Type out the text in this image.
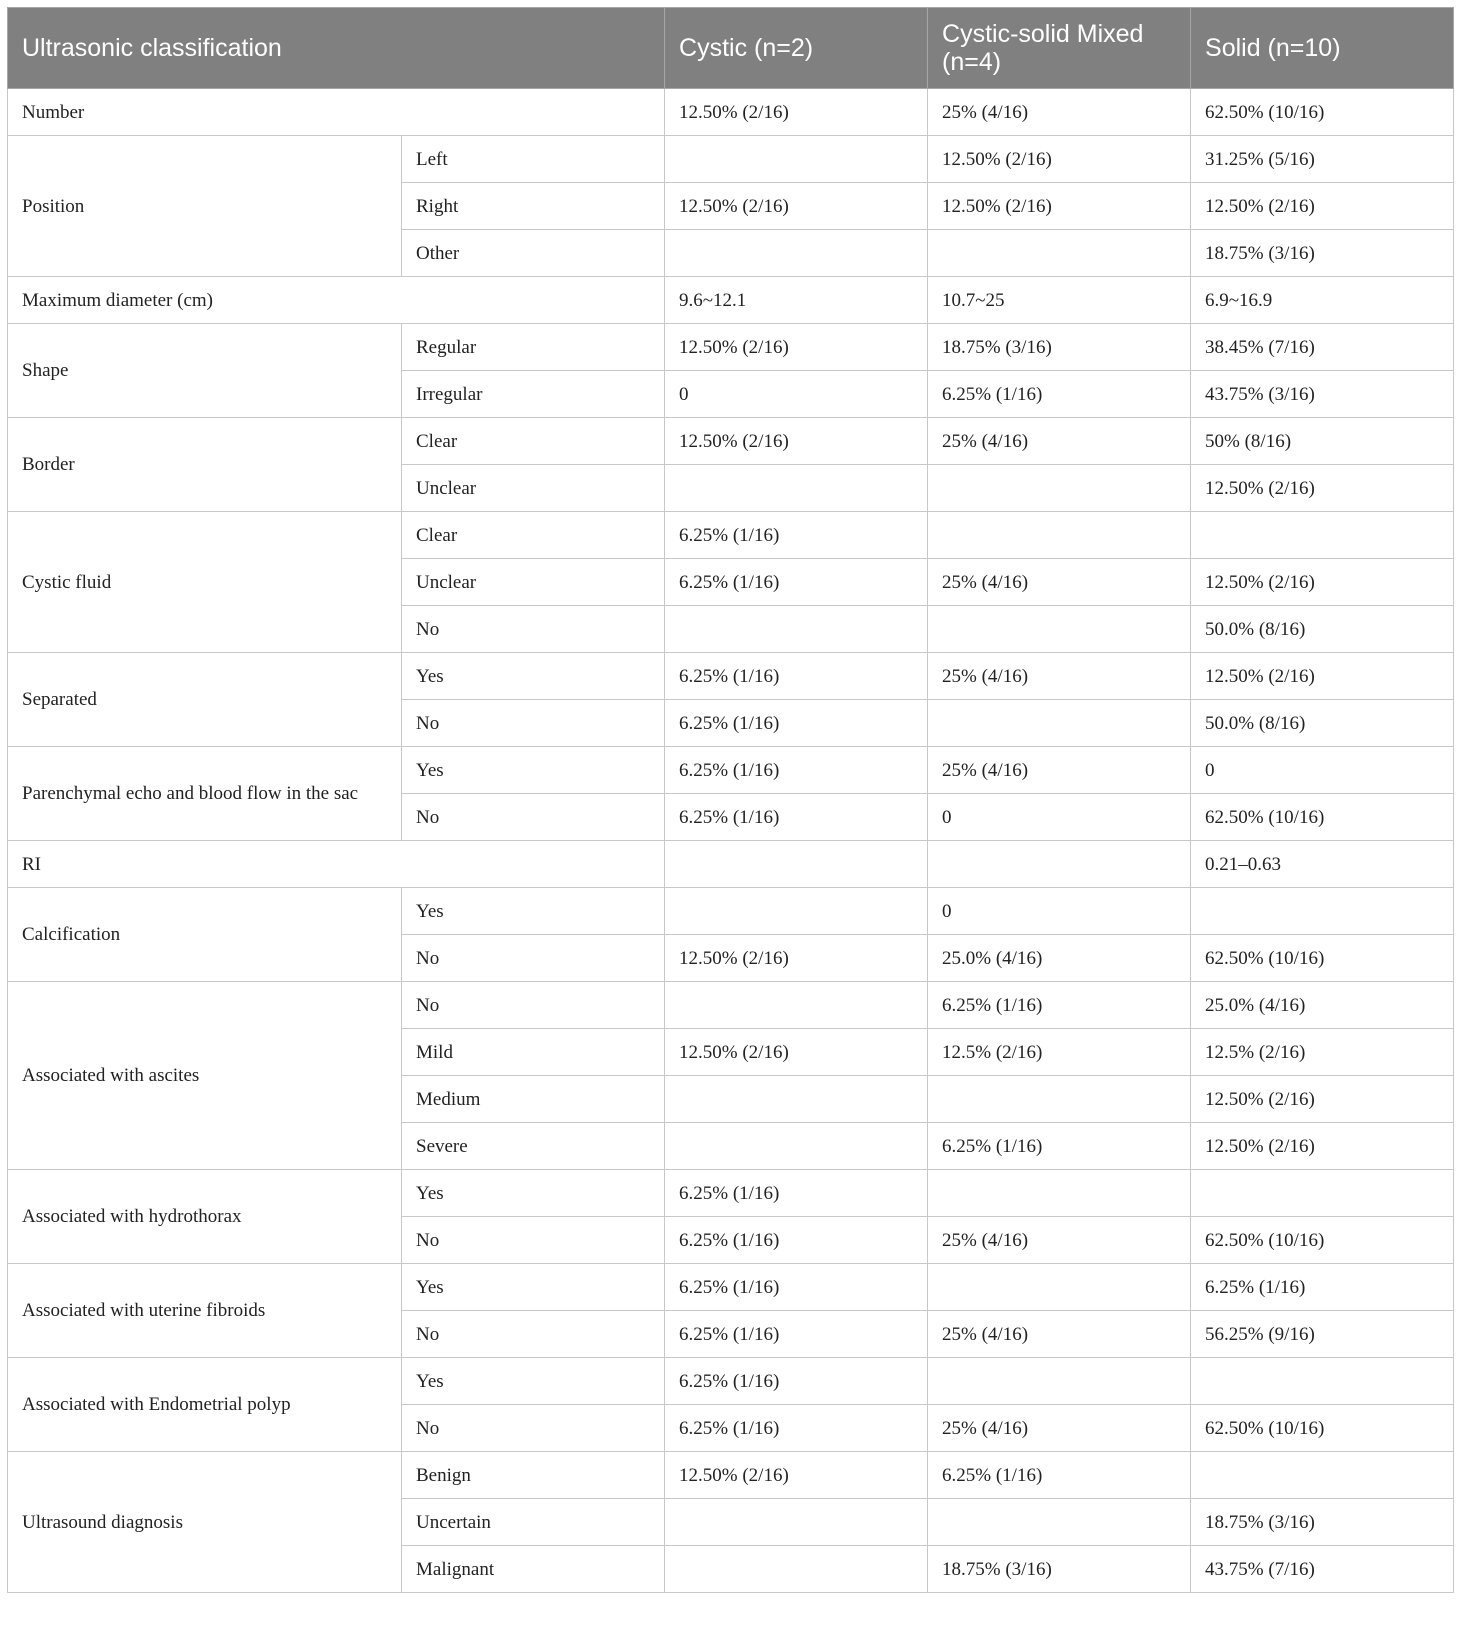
Ultrasonic classification		Cystic (n=2)	Cystic-solid Mixed (n=4)	Solid (n=10)
Number		12.50% (2/16)	25% (4/16)	62.50% (10/16)
Position	Left		12.50% (2/16)	31.25% (5/16)
	Right	12.50% (2/16)	12.50% (2/16)	12.50% (2/16)
	Other			18.75% (3/16)
Maximum diameter (cm)		9.6~12.1	10.7~25	6.9~16.9
Shape	Regular	12.50% (2/16)	18.75% (3/16)	38.45% (7/16)
	Irregular	0	6.25% (1/16)	43.75% (3/16)
Border	Clear	12.50% (2/16)	25% (4/16)	50% (8/16)
	Unclear			12.50% (2/16)
Cystic fluid	Clear	6.25% (1/16)		
	Unclear	6.25% (1/16)	25% (4/16)	12.50% (2/16)
	No			50.0% (8/16)
Separated	Yes	6.25% (1/16)	25% (4/16)	12.50% (2/16)
	No	6.25% (1/16)		50.0% (8/16)
Parenchymal echo and blood flow in the sac	Yes	6.25% (1/16)	25% (4/16)	0
	No	6.25% (1/16)	0	62.50% (10/16)
RI				0.21–0.63
Calcification	Yes		0	
	No	12.50% (2/16)	25.0% (4/16)	62.50% (10/16)
Associated with ascites	No		6.25% (1/16)	25.0% (4/16)
	Mild	12.50% (2/16)	12.5% (2/16)	12.5% (2/16)
	Medium			12.50% (2/16)
	Severe		6.25% (1/16)	12.50% (2/16)
Associated with hydrothorax	Yes	6.25% (1/16)		
	No	6.25% (1/16)	25% (4/16)	62.50% (10/16)
Associated with uterine fibroids	Yes	6.25% (1/16)		6.25% (1/16)
	No	6.25% (1/16)	25% (4/16)	56.25% (9/16)
Associated with Endometrial polyp	Yes	6.25% (1/16)		
	No	6.25% (1/16)	25% (4/16)	62.50% (10/16)
Ultrasound diagnosis	Benign	12.50% (2/16)	6.25% (1/16)	
	Uncertain			18.75% (3/16)
	Malignant		18.75% (3/16)	43.75% (7/16)
